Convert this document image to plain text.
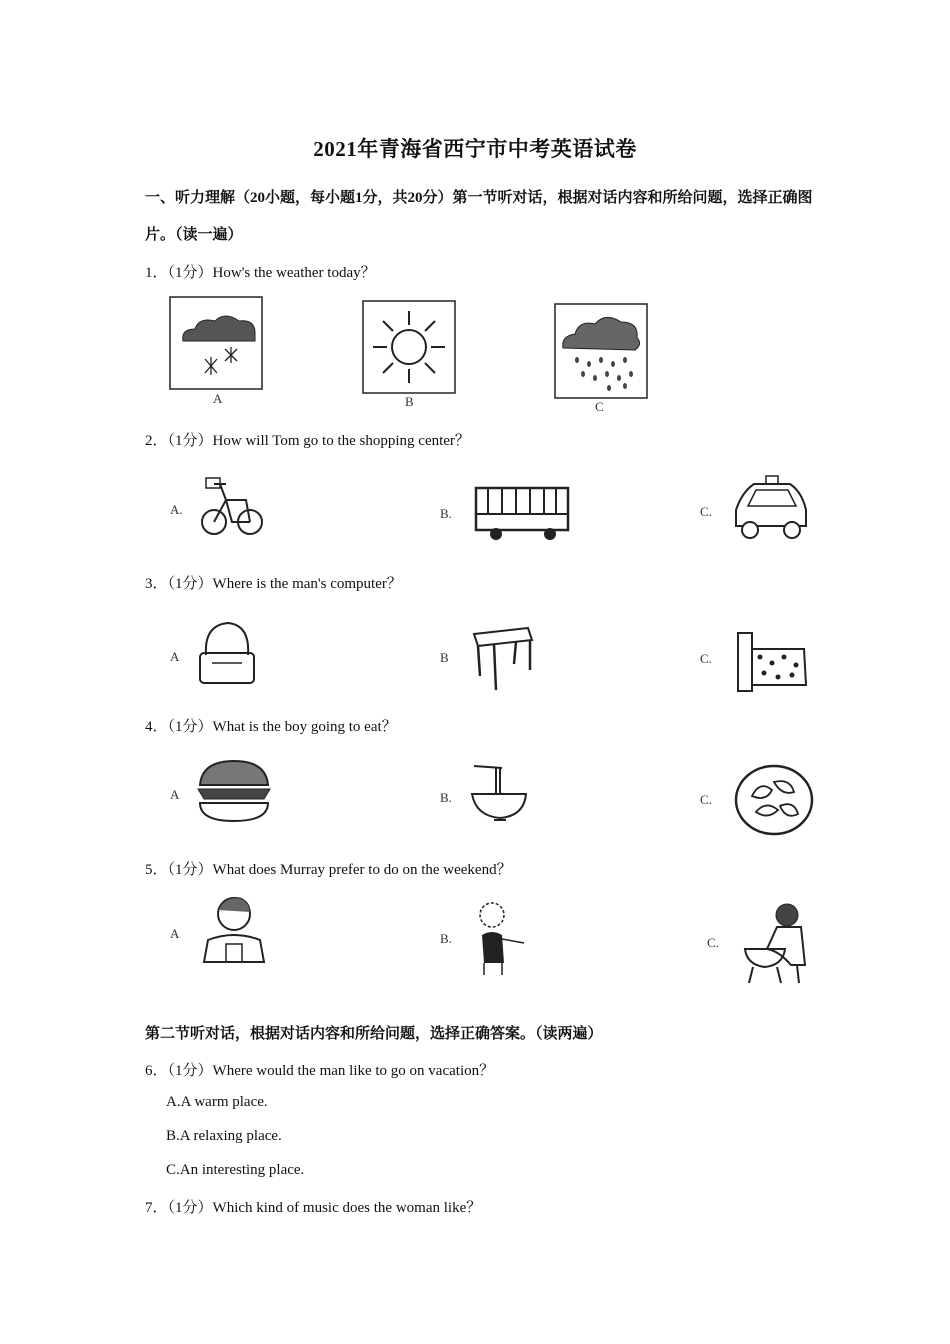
2021年青海省西宁市中考英语试卷
一、听力理解（20小题，每小题1分，共20分）第一节听对话，根据对话内容和所给问题，选择正确图片。（读一遍）
1．（1分）How's the weather today？
A	B	C
2．（1分）How will Tom go to the shopping center？
A.	B.	C.
3．（1分）Where is the man's computer？
A	B	C.
4．（1分）What is the boy going to eat？
A	B.	C.
5．（1分）What does Murray prefer to do on the weekend？
A	B.	C.
第二节听对话，根据对话内容和所给问题，选择正确答案。（读两遍）
6．（1分）Where would the man like to go on vacation？
A.A warm place.
B.A relaxing place.
C.An interesting place.
7．（1分）Which kind of music does the woman like？
